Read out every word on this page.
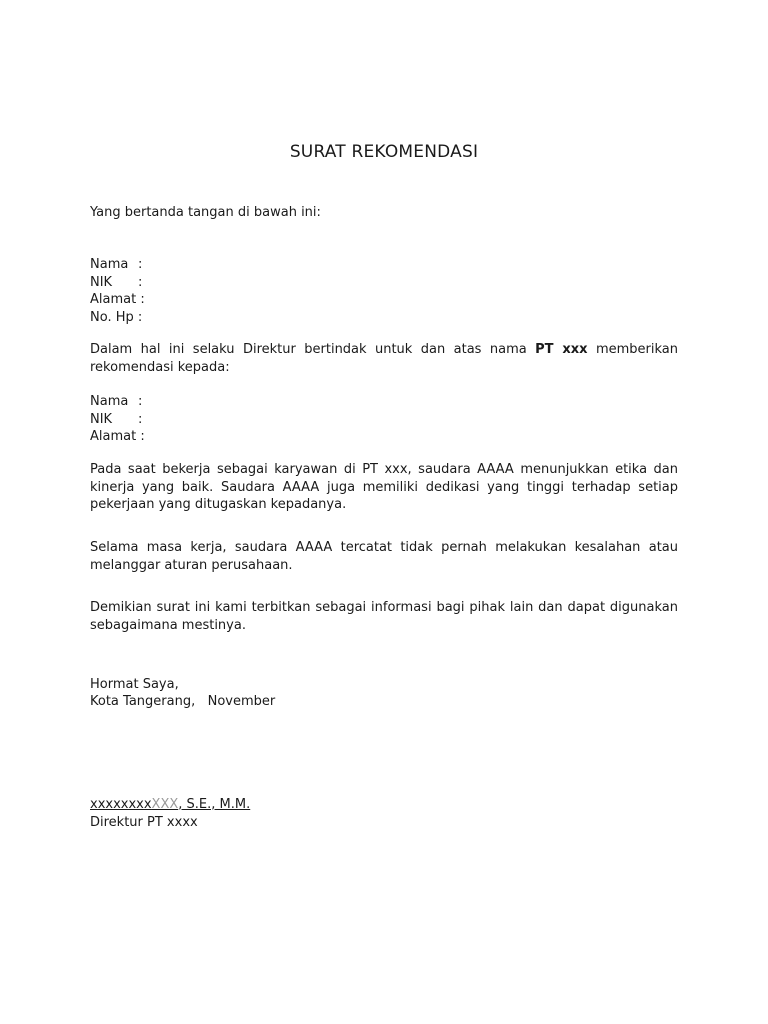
SURAT REKOMENDASI
Yang bertanda tangan di bawah ini:
Nama :
NIK :
Alamat :
No. Hp :
Dalam hal ini selaku Direktur bertindak untuk dan atas nama PT xxx memberikan rekomendasi kepada:
Nama :
NIK :
Alamat :
Pada saat bekerja sebagai karyawan di PT xxx, saudara AAAA menunjukkan etika dan kinerja yang baik. Saudara AAAA juga memiliki dedikasi yang tinggi terhadap setiap pekerjaan yang ditugaskan kepadanya.
Selama masa kerja, saudara AAAA tercatat tidak pernah melakukan kesalahan atau melanggar aturan perusahaan.
Demikian surat ini kami terbitkan sebagai informasi bagi pihak lain dan dapat digunakan sebagaimana mestinya.
Hormat Saya,
Kota Tangerang,   November
xxxxxxxxXXX, S.E., M.M.
Direktur PT xxxx
